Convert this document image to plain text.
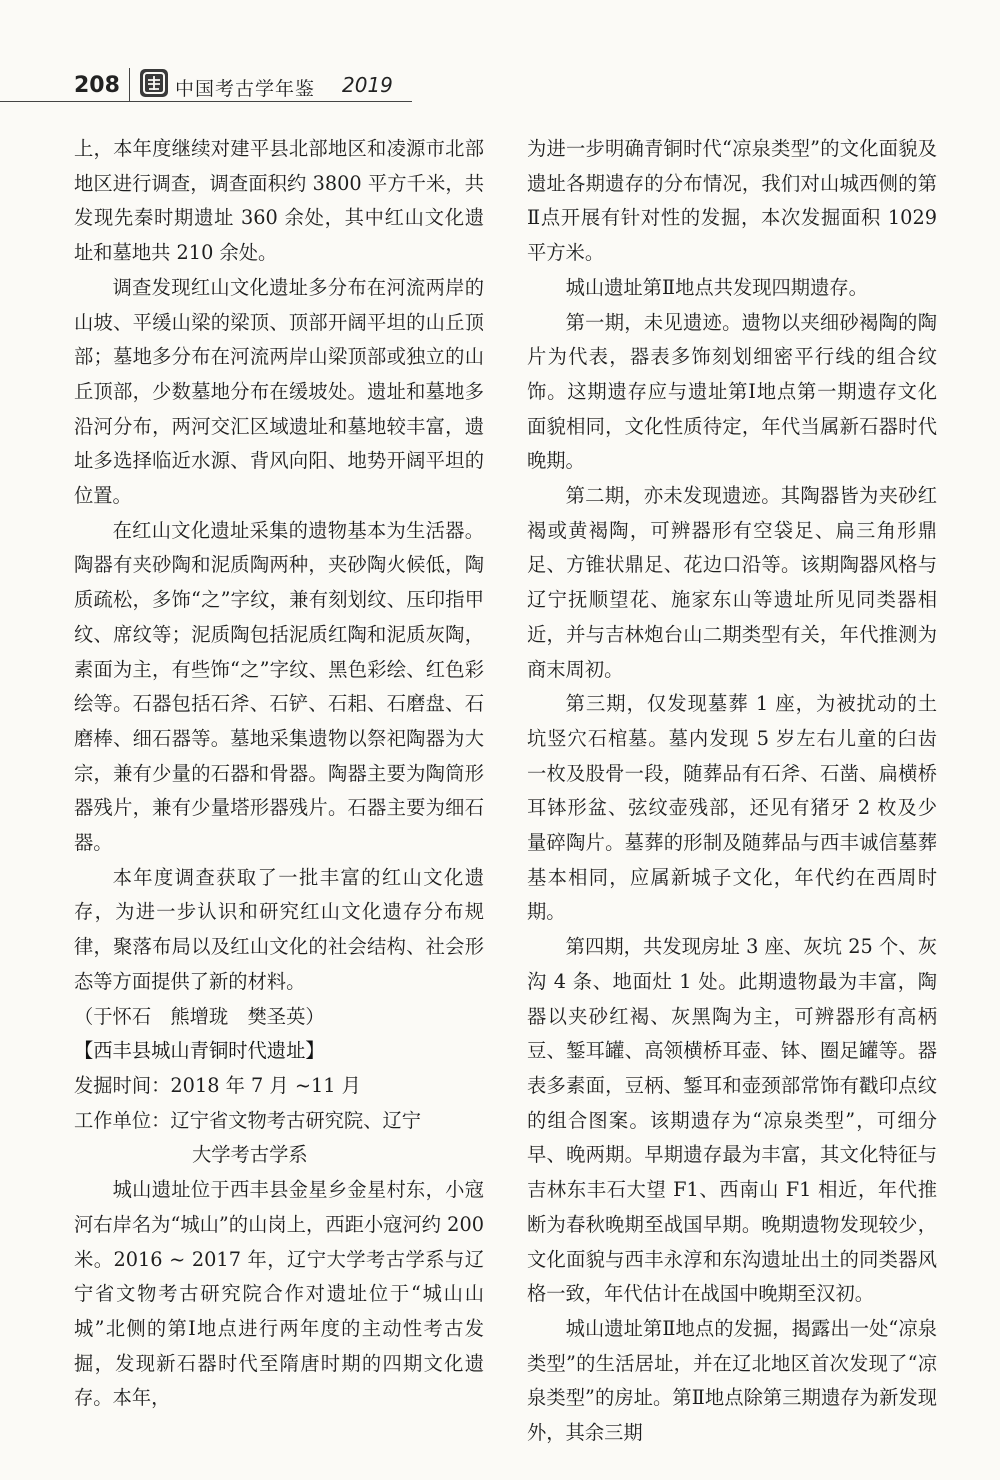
208	中国考古学年鉴 2019

上，本年度继续对建平县北部地区和凌源市北部地区进行调查，调查面积约 3800 平方千米，共发现先秦时期遗址 360 余处，其中红山文化遗址和墓地共 210 余处。

调查发现红山文化遗址多分布在河流两岸的山坡、平缓山梁的梁顶、顶部开阔平坦的山丘顶部；墓地多分布在河流两岸山梁顶部或独立的山丘顶部，少数墓地分布在缓坡处。遗址和墓地多沿河分布，两河交汇区域遗址和墓地较丰富，遗址多选择临近水源、背风向阳、地势开阔平坦的位置。

在红山文化遗址采集的遗物基本为生活器。陶器有夹砂陶和泥质陶两种，夹砂陶火候低，陶质疏松，多饰“之”字纹，兼有刻划纹、压印指甲纹、席纹等；泥质陶包括泥质红陶和泥质灰陶，素面为主，有些饰“之”字纹、黑色彩绘、红色彩绘等。石器包括石斧、石铲、石耜、石磨盘、石磨棒、细石器等。墓地采集遗物以祭祀陶器为大宗，兼有少量的石器和骨器。陶器主要为陶筒形器残片，兼有少量塔形器残片。石器主要为细石器。

本年度调查获取了一批丰富的红山文化遗存，为进一步认识和研究红山文化遗存分布规律，聚落布局以及红山文化的社会结构、社会形态等方面提供了新的材料。

（于怀石　熊增珑　樊圣英）

【西丰县城山青铜时代遗址】

发掘时间：2018 年 7 月 ~11 月

工作单位：辽宁省文物考古研究院、辽宁

大学考古学系

城山遗址位于西丰县金星乡金星村东，小寇河右岸名为“城山”的山岗上，西距小寇河约 200 米。2016 ~ 2017 年，辽宁大学考古学系与辽宁省文物考古研究院合作对遗址位于“城山山城”北侧的第Ⅰ地点进行两年度的主动性考古发掘，发现新石器时代至隋唐时期的四期文化遗存。本年，

为进一步明确青铜时代“凉泉类型”的文化面貌及遗址各期遗存的分布情况，我们对山城西侧的第Ⅱ点开展有针对性的发掘，本次发掘面积 1029 平方米。

城山遗址第Ⅱ地点共发现四期遗存。

第一期，未见遗迹。遗物以夹细砂褐陶的陶片为代表，器表多饰刻划细密平行线的组合纹饰。这期遗存应与遗址第Ⅰ地点第一期遗存文化面貌相同，文化性质待定，年代当属新石器时代晚期。

第二期，亦未发现遗迹。其陶器皆为夹砂红褐或黄褐陶，可辨器形有空袋足、扁三角形鼎足、方锥状鼎足、花边口沿等。该期陶器风格与辽宁抚顺望花、施家东山等遗址所见同类器相近，并与吉林炮台山二期类型有关，年代推测为商末周初。

第三期，仅发现墓葬 1 座，为被扰动的土坑竖穴石棺墓。墓内发现 5 岁左右儿童的臼齿一枚及股骨一段，随葬品有石斧、石凿、扁横桥耳钵形盆、弦纹壶残部，还见有猪牙 2 枚及少量碎陶片。墓葬的形制及随葬品与西丰诚信墓葬基本相同，应属新城子文化，年代约在西周时期。

第四期，共发现房址 3 座、灰坑 25 个、灰沟 4 条、地面灶 1 处。此期遗物最为丰富，陶器以夹砂红褐、灰黑陶为主，可辨器形有高柄豆、錾耳罐、高领横桥耳壶、钵、圈足罐等。器表多素面，豆柄、錾耳和壶颈部常饰有戳印点纹的组合图案。该期遗存为“凉泉类型”，可细分早、晚两期。早期遗存最为丰富，其文化特征与吉林东丰石大望 F1、西南山 F1 相近，年代推断为春秋晚期至战国早期。晚期遗物发现较少，文化面貌与西丰永淳和东沟遗址出土的同类器风格一致，年代估计在战国中晚期至汉初。

城山遗址第Ⅱ地点的发掘，揭露出一处“凉泉类型”的生活居址，并在辽北地区首次发现了“凉泉类型”的房址。第Ⅱ地点除第三期遗存为新发现外，其余三期
